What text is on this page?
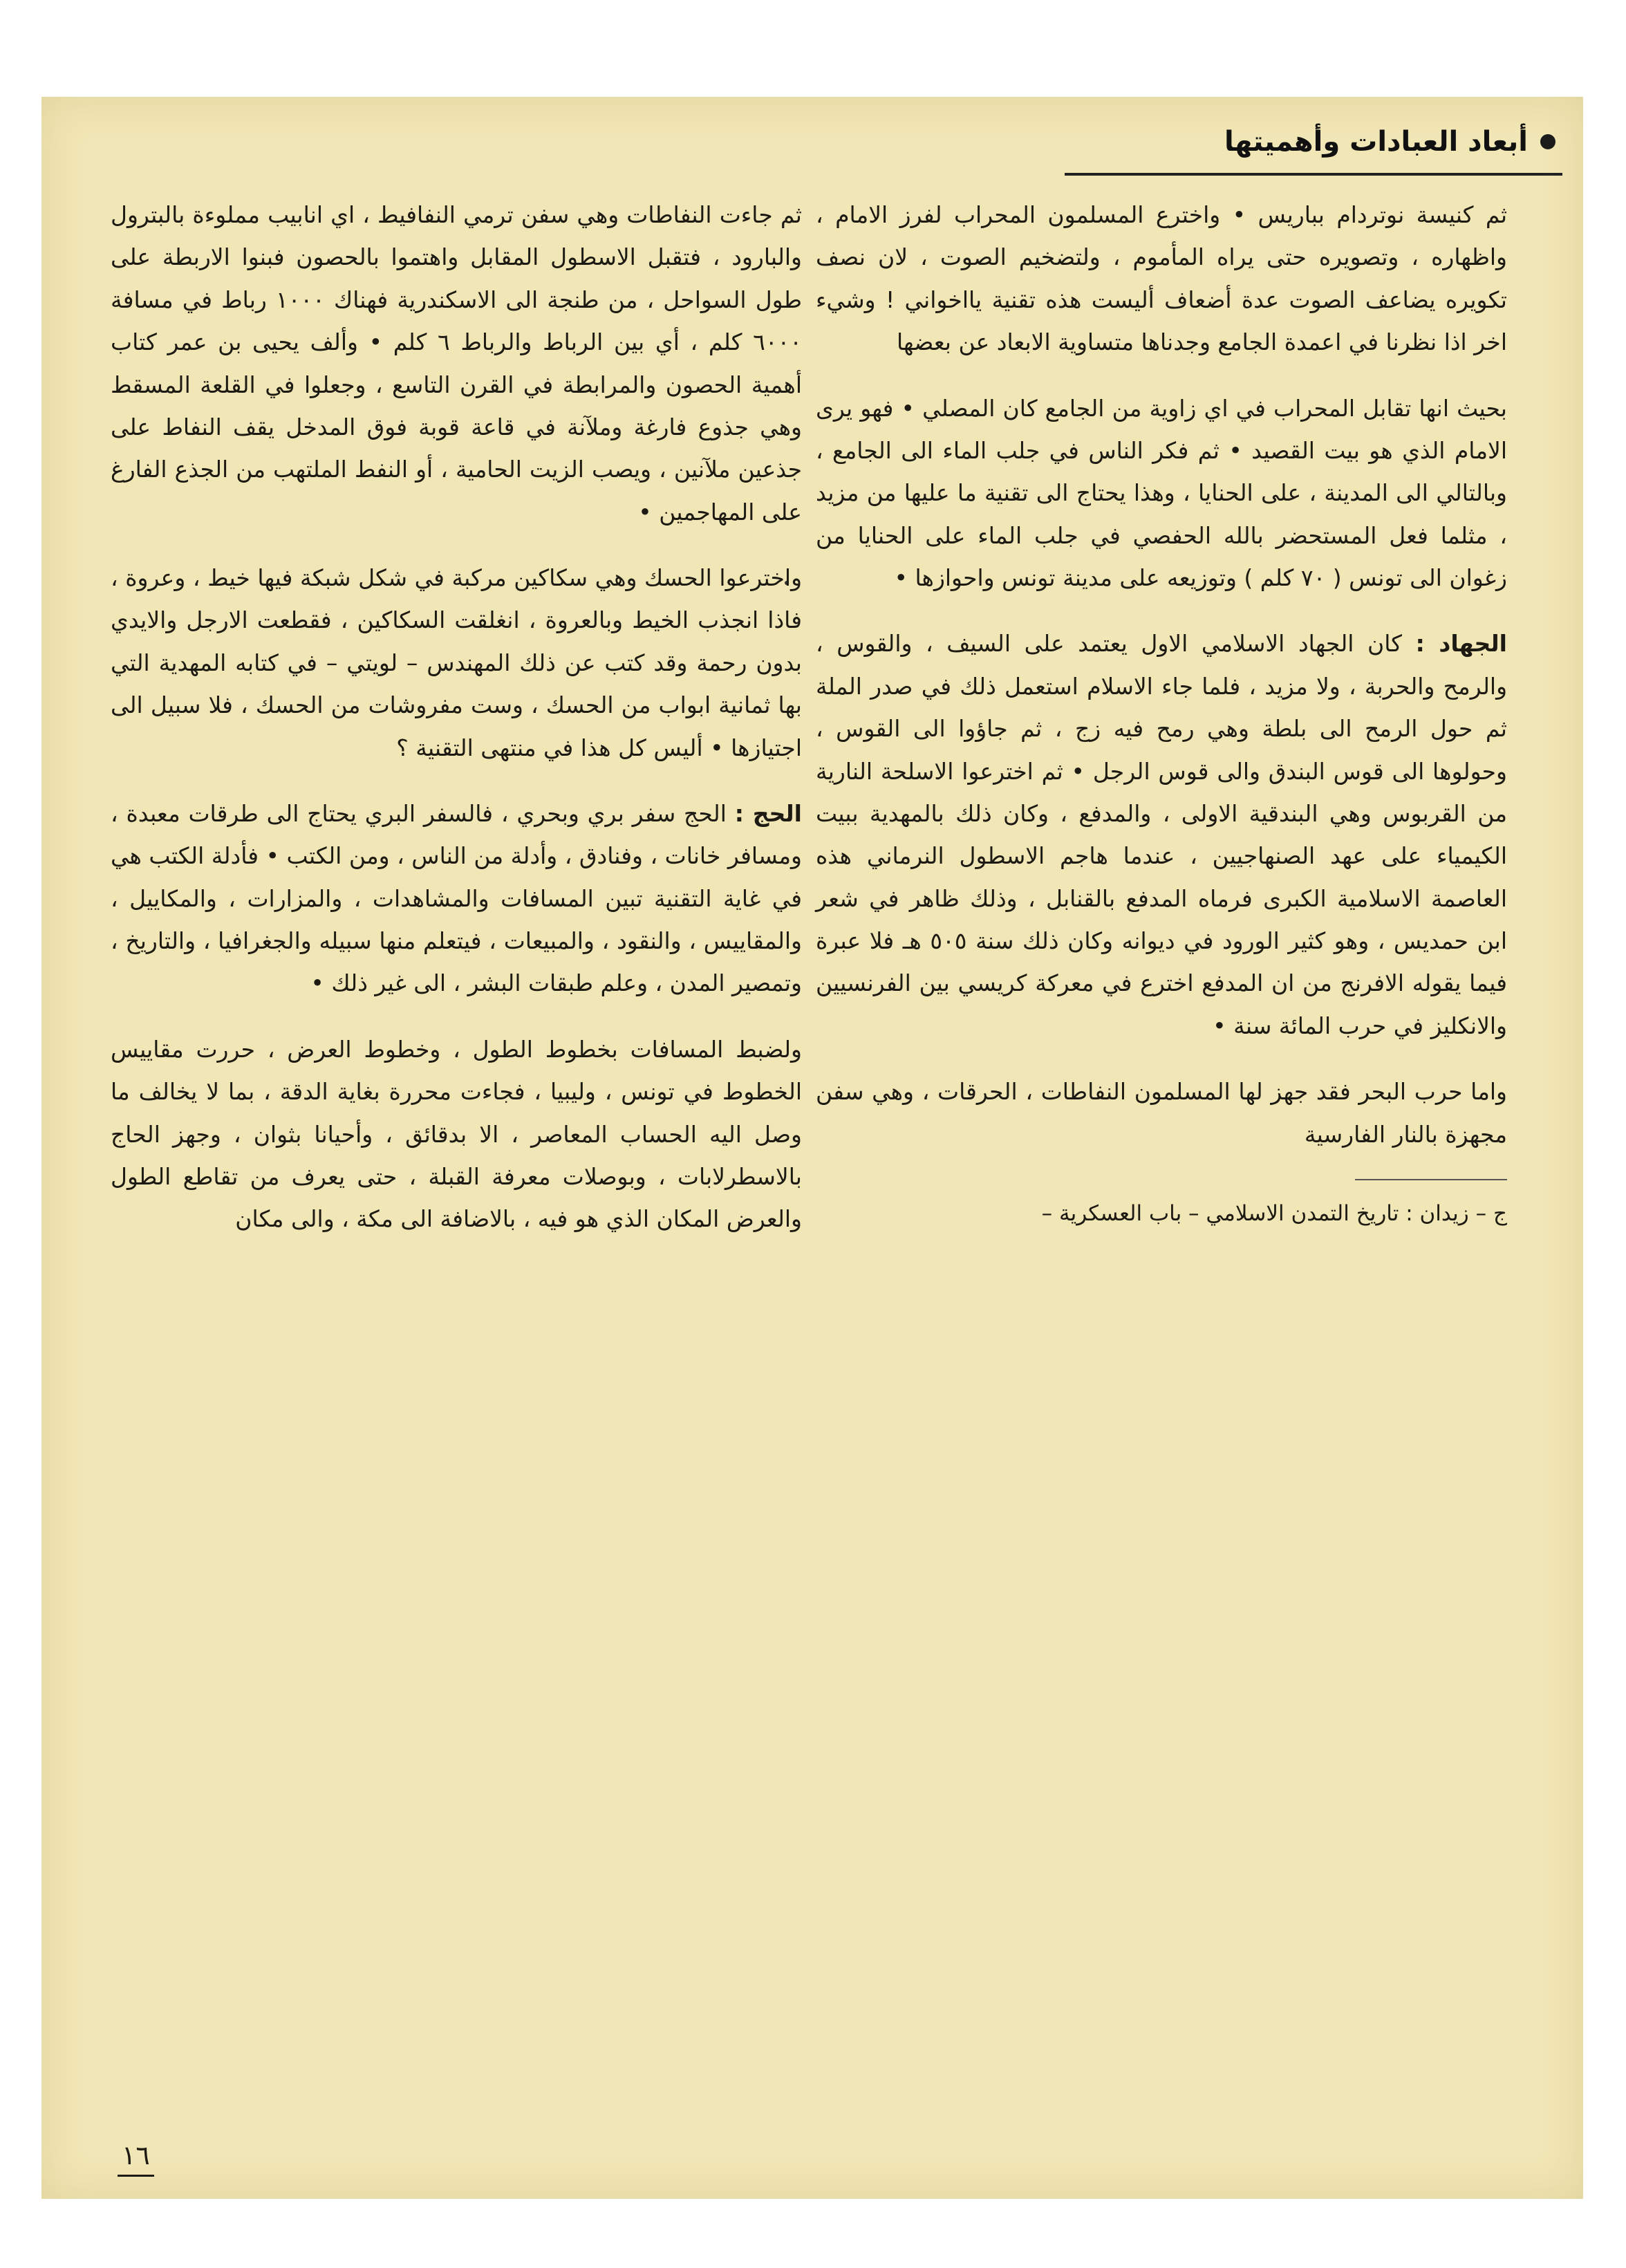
أبعاد العبادات وأهميتها

ثم كنيسة نوتردام بباريس • واخترع المسلمون المحراب لفرز الامام ، واظهاره ، وتصويره حتى يراه المأموم ، ولتضخيم الصوت ، لان نصف تكويره يضاعف الصوت عدة أضعاف أليست هذه تقنية يااخواني ! وشيء اخر اذا نظرنا في اعمدة الجامع وجدناها متساوية الابعاد عن بعضها

بحيث انها تقابل المحراب في اي زاوية من الجامع كان المصلي • فهو يرى الامام الذي هو بيت القصيد • ثم فكر الناس في جلب الماء الى الجامع ، وبالتالي الى المدينة ، على الحنايا ، وهذا يحتاج الى تقنية ما عليها من مزيد ، مثلما فعل المستحضر بالله الحفصي في جلب الماء على الحنايا من زغوان الى تونس ( ٧٠ كلم ) وتوزيعه على مدينة تونس واحوازها •

الجهاد : كان الجهاد الاسلامي الاول يعتمد على السيف ، والقوس ، والرمح والحربة ، ولا مزيد ، فلما جاء الاسلام استعمل ذلك في صدر الملة ثم حول الرمح الى بلطة وهي رمح فيه زج ، ثم جاؤوا الى القوس ، وحولوها الى قوس البندق والى قوس الرجل • ثم اخترعوا الاسلحة النارية من القربوس وهي البندقية الاولى ، والمدفع ، وكان ذلك بالمهدية ببيت الكيمياء على عهد الصنهاجيين ، عندما هاجم الاسطول النرماني هذه العاصمة الاسلامية الكبرى فرماه المدفع بالقنابل ، وذلك ظاهر في شعر ابن حمديس ، وهو كثير الورود في ديوانه وكان ذلك سنة ٥٠٥ هـ فلا عبرة فيما يقوله الافرنج من ان المدفع اخترع في معركة كريسي بين الفرنسيين والانكليز في حرب المائة سنة •

واما حرب البحر فقد جهز لها المسلمون النفاطات ، الحرقات ، وهي سفن مجهزة بالنار الفارسية

ج – زيدان : تاريخ التمدن الاسلامي – باب العسكرية –

ثم جاءت النفاطات وهي سفن ترمي النفافيط ، اي انابيب مملوءة بالبترول والبارود ، فتقبل الاسطول المقابل واهتموا بالحصون فبنوا الاربطة على طول السواحل ، من طنجة الى الاسكندرية فهناك ١٠٠٠ رباط في مسافة ٦٠٠٠ كلم ، أي بين الرباط والرباط ٦ كلم • وألف يحيى بن عمر كتاب أهمية الحصون والمرابطة في القرن التاسع ، وجعلوا في القلعة المسقط وهي جذوع فارغة وملآنة في قاعة قوبة فوق المدخل يقف النفاط على جذعين ملآنين ، ويصب الزيت الحامية ، أو النفط الملتهب من الجذع الفارغ على المهاجمين •

واخترعوا الحسك وهي سكاكين مركبة في شكل شبكة فيها خيط ، وعروة ، فاذا انجذب الخيط وبالعروة ، انغلقت السكاكين ، فقطعت الارجل والايدي بدون رحمة وقد كتب عن ذلك المهندس – لويتي – في كتابه المهدية التي بها ثمانية ابواب من الحسك ، وست مفروشات من الحسك ، فلا سبيل الى اجتيازها • أليس كل هذا في منتهى التقنية ؟

الحج : الحج سفر بري وبحري ، فالسفر البري يحتاج الى طرقات معبدة ، ومسافر خانات ، وفنادق ، وأدلة من الناس ، ومن الكتب • فأدلة الكتب هي في غاية التقنية تبين المسافات والمشاهدات ، والمزارات ، والمكاييل ، والمقاييس ، والنقود ، والمبيعات ، فيتعلم منها سبيله والجغرافيا ، والتاريخ ، وتمصير المدن ، وعلم طبقات البشر ، الى غير ذلك •

ولضبط المسافات بخطوط الطول ، وخطوط العرض ، حررت مقاييس الخطوط في تونس ، وليبيا ، فجاءت محررة بغاية الدقة ، بما لا يخالف ما وصل اليه الحساب المعاصر ، الا بدقائق ، وأحيانا بثوان ، وجهز الحاج بالاسطرلابات ، وبوصلات معرفة القبلة ، حتى يعرف من تقاطع الطول والعرض المكان الذي هو فيه ، بالاضافة الى مكة ، والى مكان

١٦
